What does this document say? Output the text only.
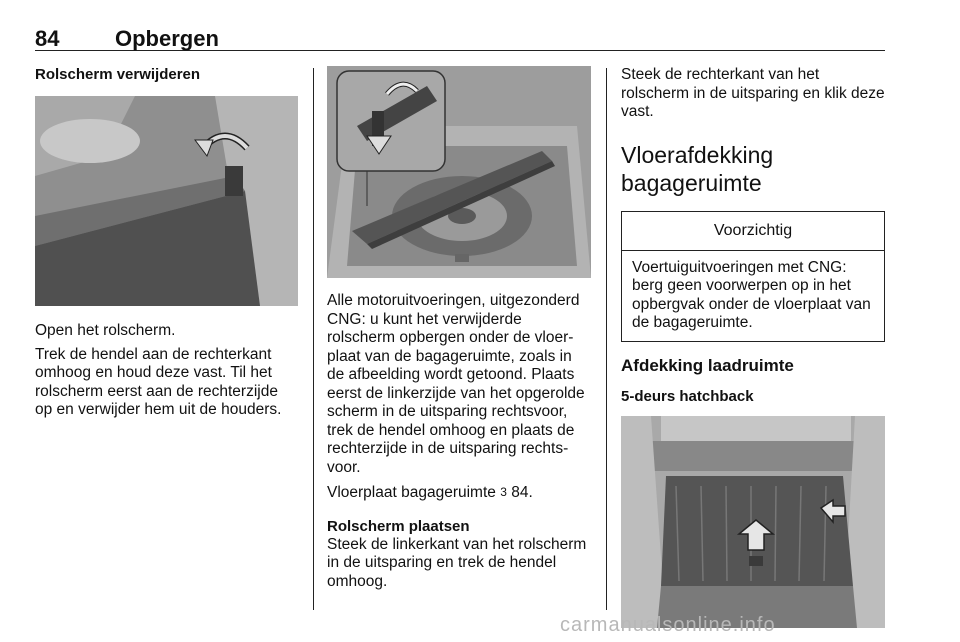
84	Opbergen
Rolscherm verwijderen

Open het rolscherm.

Trek de hendel aan de rechterkant omhoog en houd deze vast. Til het rolscherm eerst aan de rechterzijde op en verwijder hem uit de houders.

Alle motoruitvoeringen, uitgezonderd CNG: u kunt het verwijderde rolscherm opbergen onder de vloerplaat van de bagageruimte, zoals in de afbeelding wordt getoond. Plaats eerst de linkerzijde van het opgerolde scherm in de uitsparing rechtsvoor, trek de hendel omhoog en plaats de rechterzijde in de uitsparing rechtsvoor.

Vloerplaat bagageruimte 3 84.

Rolscherm plaatsen

Steek de linkerkant van het rolscherm in de uitsparing en trek de hendel omhoog.

Steek de rechterkant van het rolscherm in de uitsparing en klik deze vast.

Vloerafdekking
bagageruimte
Voorzichtig

Voertuiguitvoeringen met CNG: berg geen voorwerpen op in het opbergvak onder de vloerplaat van de bagageruimte.

Afdekking laadruimte
5-deurs hatchback
carmanualsonline.info
